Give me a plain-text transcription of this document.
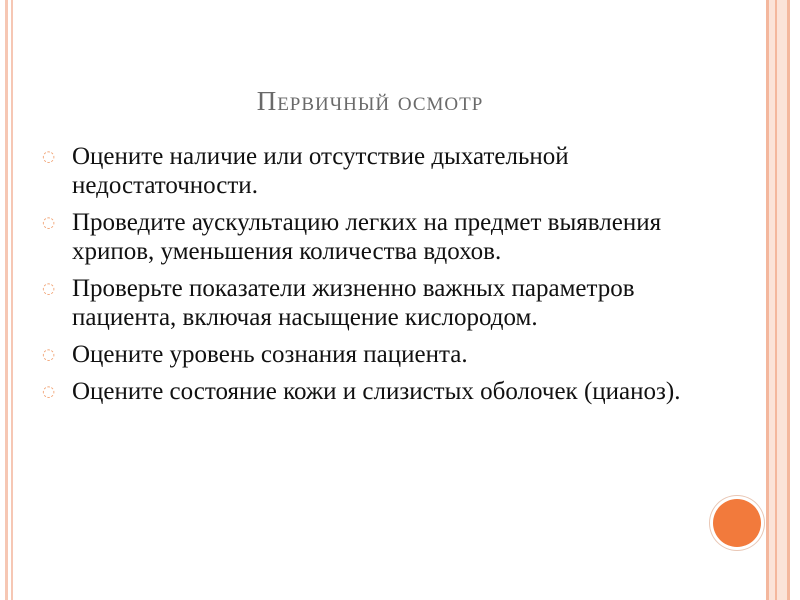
Первичный осмотр
◌ Оцените наличие или отсутствие дыхательной недостаточности.
◌ Проведите аускультацию легких на предмет выявления хрипов, уменьшения количества вдохов.
◌ Проверьте показатели жизненно важных параметров пациента, включая насыщение кислородом.
◌ Оцените уровень сознания пациента.
◌ Оцените состояние кожи и слизистых оболочек (цианоз).
